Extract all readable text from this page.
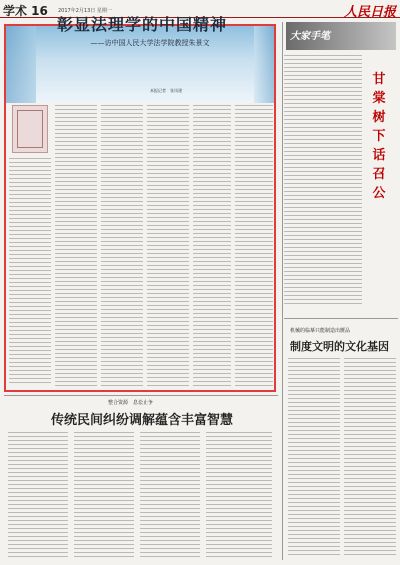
学术 16 2017年2月13日 星期一	人民日报
彰显法理学的中国精神
——访中国人民大学法学院教授朱景文
本报记者　张凤建
大家手笔
甘棠树下话召公
机械的临摹只能制造出赝品
制度文明的文化基因
整合资源　息讼止争
传统民间纠纷调解蕴含丰富智慧
